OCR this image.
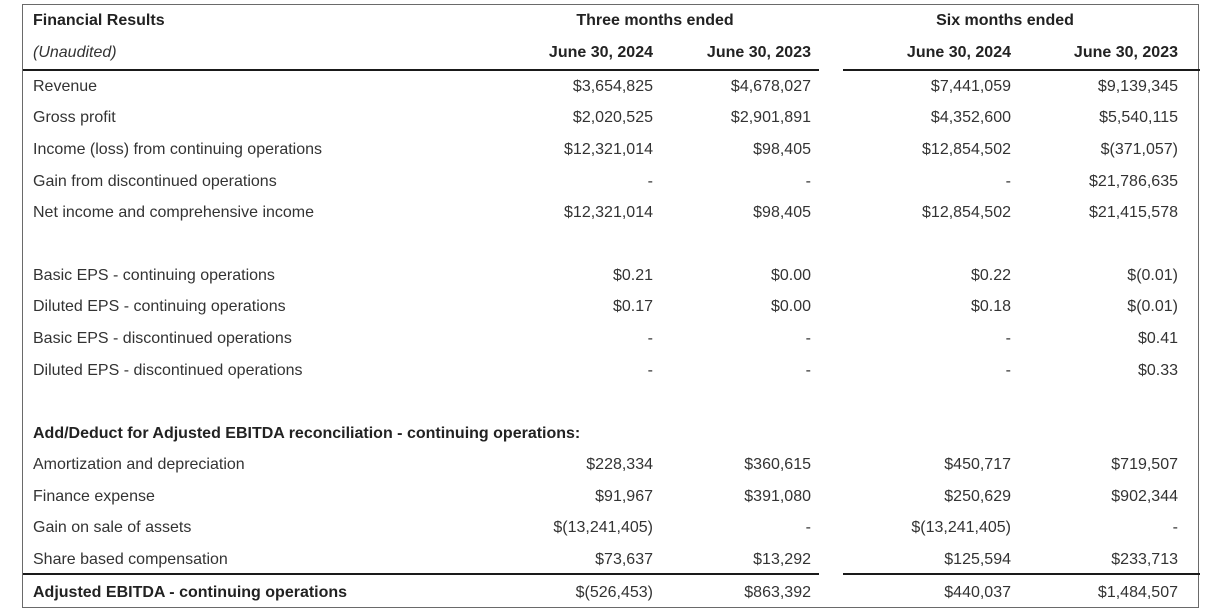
Financial Results	Three months ended	Six months ended
(Unaudited)	June 30, 2024	June 30, 2023	June 30, 2024	June 30, 2023
Revenue	$3,654,825	$4,678,027	$7,441,059	$9,139,345
Gross profit	$2,020,525	$2,901,891	$4,352,600	$5,540,115
Income (loss) from continuing operations	$12,321,014	$98,405	$12,854,502	$(371,057)
Gain from discontinued operations	-	-	-	$21,786,635
Net income and comprehensive income	$12,321,014	$98,405	$12,854,502	$21,415,578
Basic EPS - continuing operations	$0.21	$0.00	$0.22	$(0.01)
Diluted EPS - continuing operations	$0.17	$0.00	$0.18	$(0.01)
Basic EPS - discontinued operations	-	-	-	$0.41
Diluted EPS - discontinued operations	-	-	-	$0.33
Add/Deduct for Adjusted EBITDA reconciliation - continuing operations:
Amortization and depreciation	$228,334	$360,615	$450,717	$719,507
Finance expense	$91,967	$391,080	$250,629	$902,344
Gain on sale of assets	$(13,241,405)	-	$(13,241,405)	-
Share based compensation	$73,637	$13,292	$125,594	$233,713
Adjusted EBITDA - continuing operations	$(526,453)	$863,392	$440,037	$1,484,507
